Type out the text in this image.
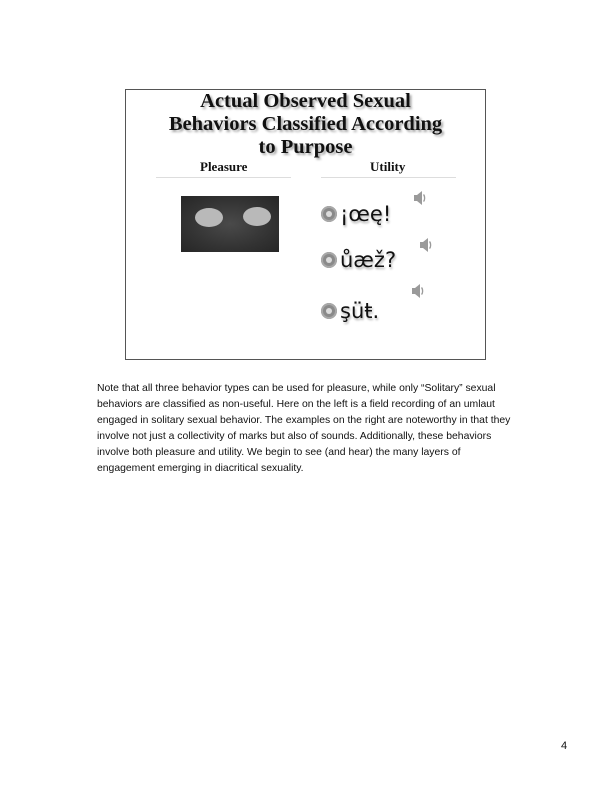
Actual Observed Sexual
Behaviors Classified According
to Purpose
Pleasure	Utility
¡œę!
ůæž?
şüŧ.
Note that all three behavior types can be used for pleasure, while only “Solitary” sexual behaviors are classified as non-useful. Here on the left is a field recording of an umlaut engaged in solitary sexual behavior. The examples on the right are noteworthy in that they involve not just a collectivity of marks but also of sounds. Additionally, these behaviors involve both pleasure and utility. We begin to see (and hear) the many layers of engagement emerging in diacritical sexuality.
4
